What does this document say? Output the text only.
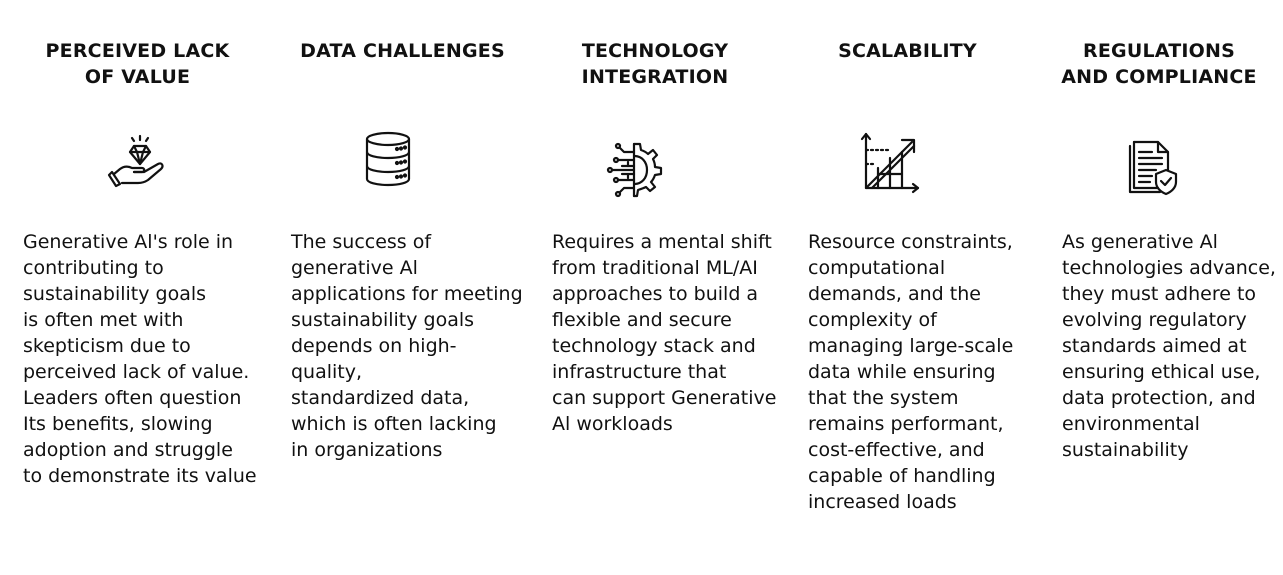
PERCEIVED LACK
OF VALUE
Generative Al's role in
contributing to
sustainability goals
is often met with
skepticism due to
perceived lack of value.
Leaders often question
Its benefits, slowing
adoption and struggle
to demonstrate its value
DATA CHALLENGES
The success of
generative Al
applications for meeting
sustainability goals
depends on high-
quality,
standardized data,
which is often lacking
in organizations
TECHNOLOGY
INTEGRATION
Requires a mental shift
from traditional ML/AI
approaches to build a
flexible and secure
technology stack and
infrastructure that
can support Generative
Al workloads
SCALABILITY
Resource constraints,
computational
demands, and the
complexity of
managing large-scale
data while ensuring
that the system
remains performant,
cost-effective, and
capable of handling
increased loads
REGULATIONS
AND COMPLIANCE
As generative Al
technologies advance,
they must adhere to
evolving regulatory
standards aimed at
ensuring ethical use,
data protection, and
environmental
sustainability
